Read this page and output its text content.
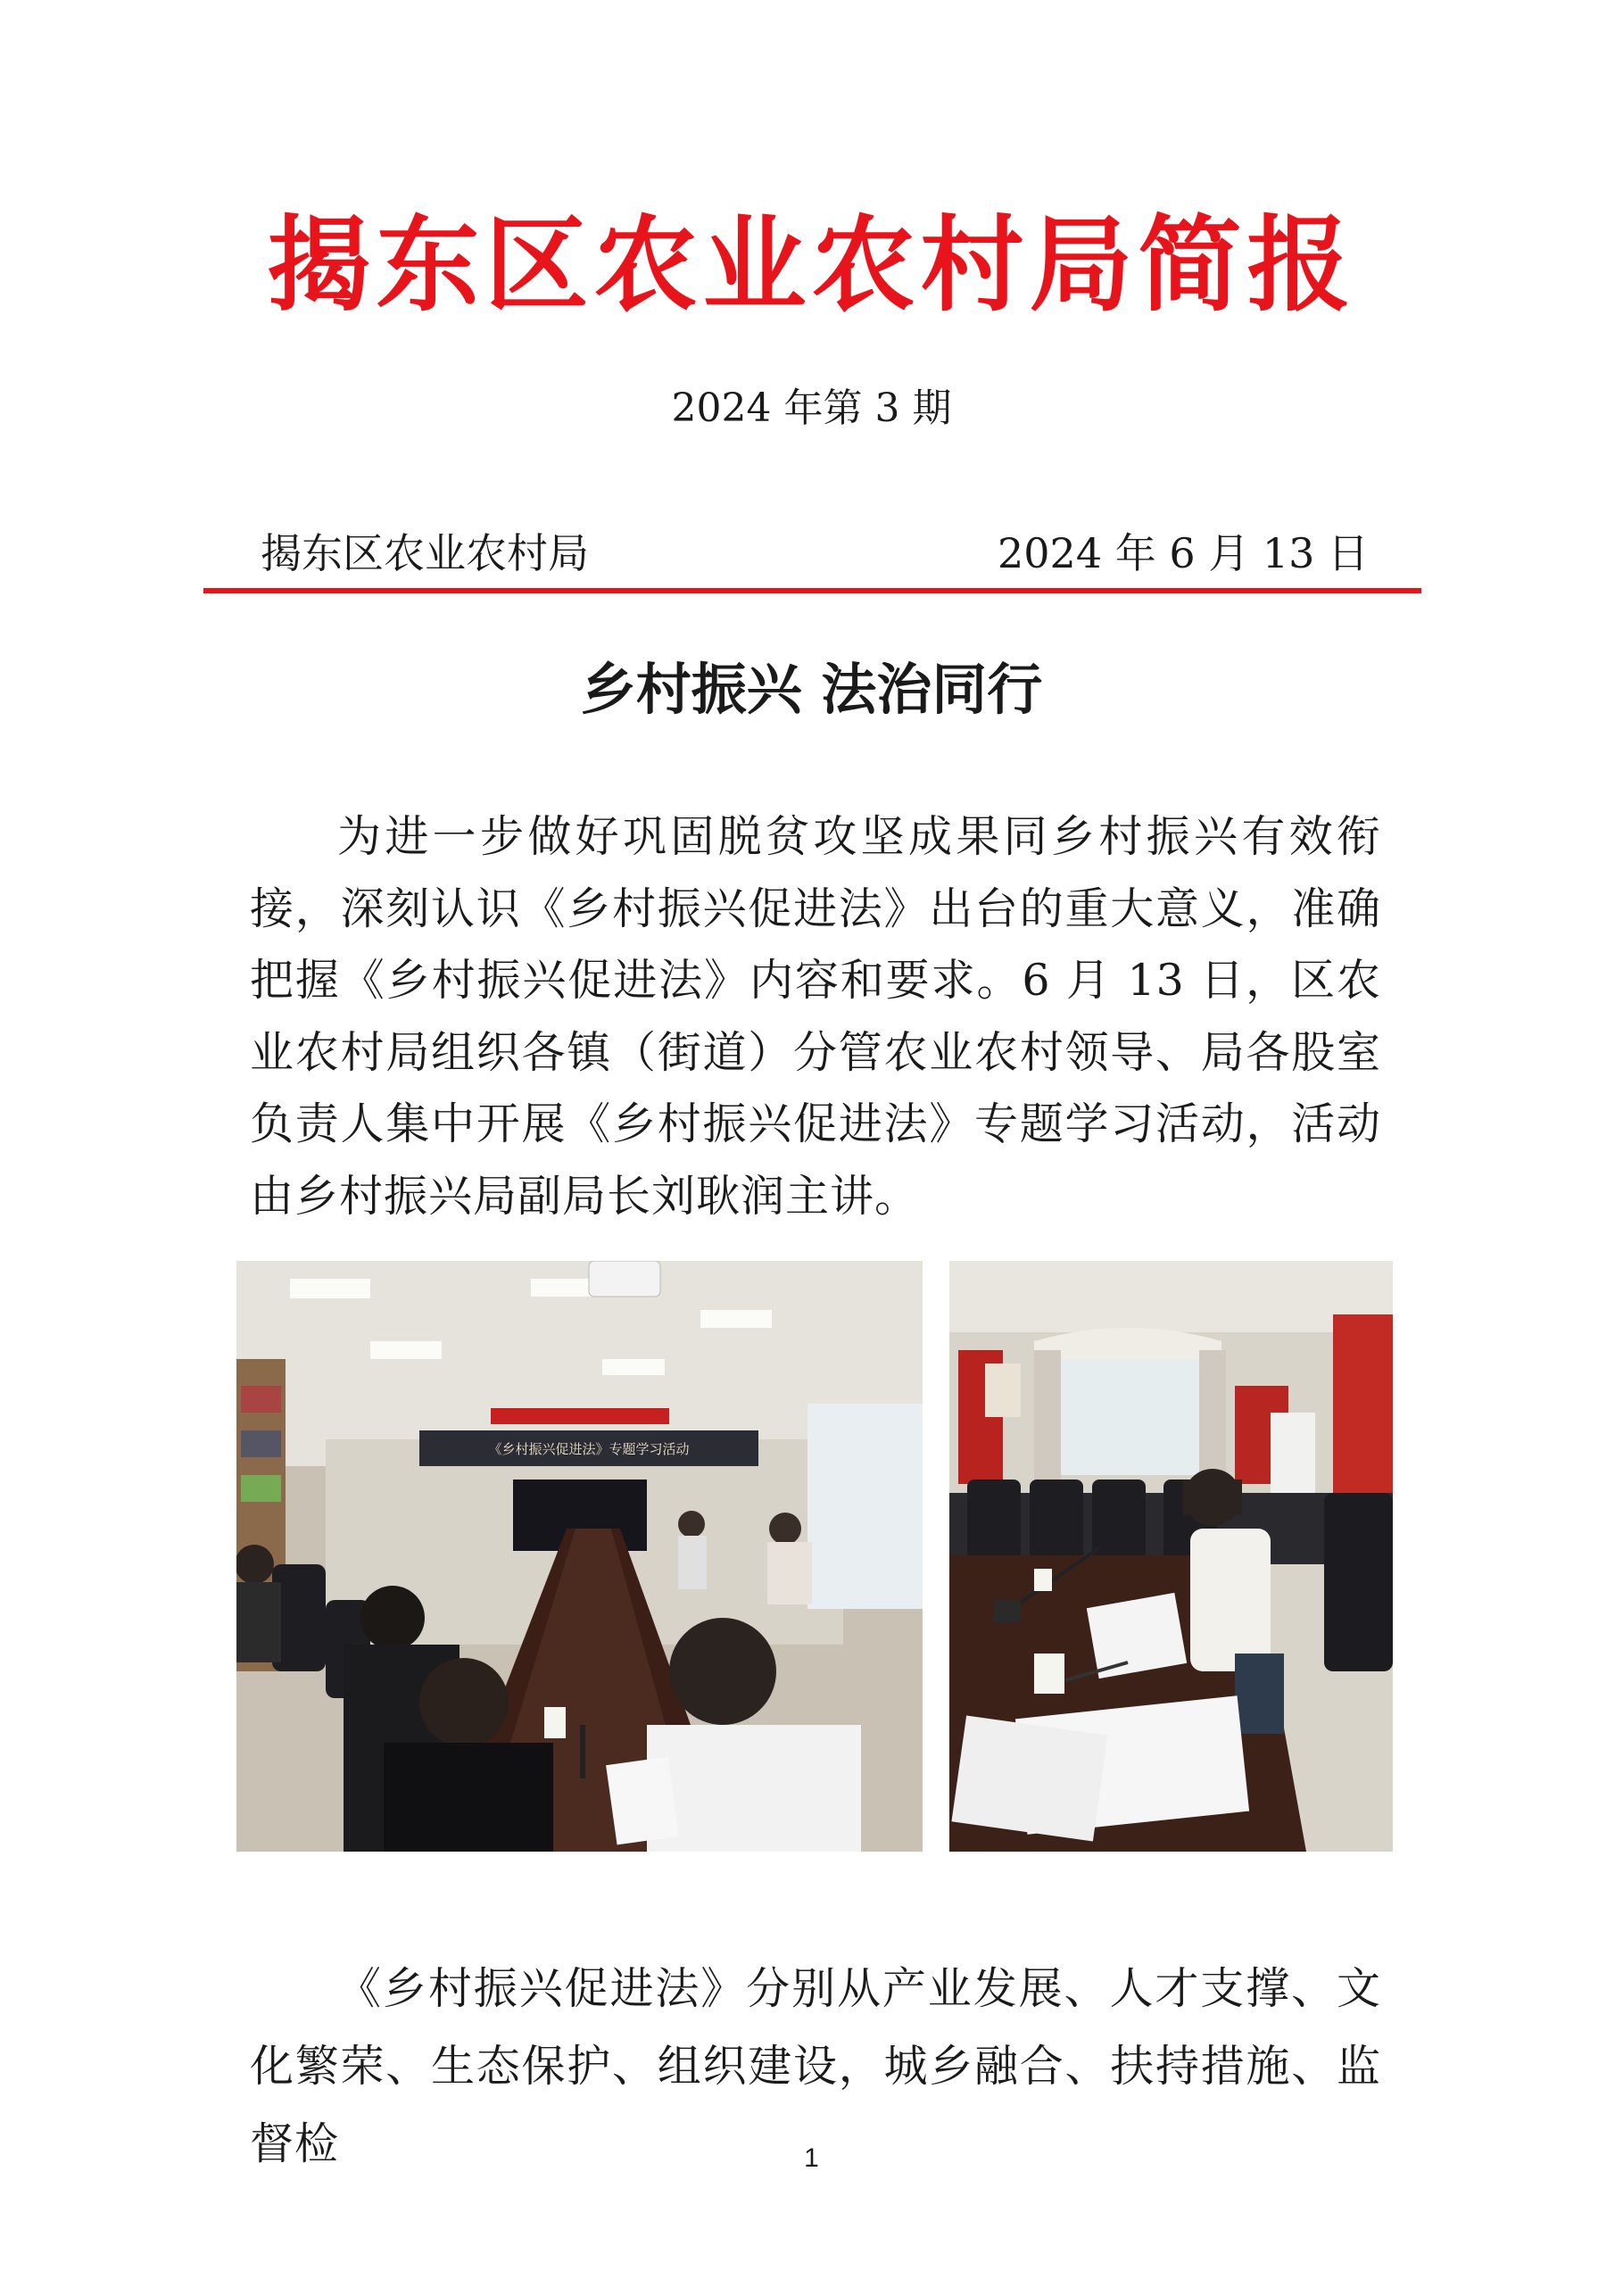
揭东区农业农村局简报
2024 年第 3 期
揭东区农业农村局	2024 年 6 月 13 日
乡村振兴 法治同行

为进一步做好巩固脱贫攻坚成果同乡村振兴有效衔接，深刻认识《乡村振兴促进法》出台的重大意义，准确把握《乡村振兴促进法》内容和要求。6 月 13 日，区农业农村局组织各镇（街道）分管农业农村领导、局各股室负责人集中开展《乡村振兴促进法》专题学习活动，活动由乡村振兴局副局长刘耿润主讲。

《乡村振兴促进法》专题学习活动

《乡村振兴促进法》分别从产业发展、人才支撑、文化繁荣、生态保护、组织建设，城乡融合、扶持措施、监督检	1
